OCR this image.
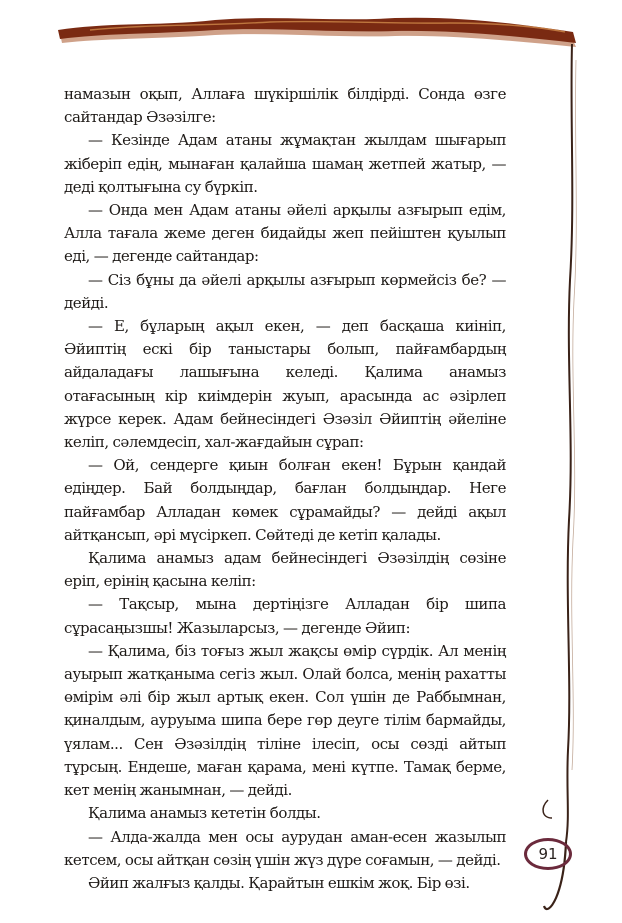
намазын оқып, Аллаға шүкіршілік білдірді. Сонда өзге сайтандар Әзәзілге:

— Кезінде Адам атаны жұмақтан жылдам шығарып жіберіп едің, мынаған қалайша шамаң жетпей жатыр, — деді қолтығына су бүркіп.

— Онда мен Адам атаны әйелі арқылы азғырып едім, Алла тағала жеме деген бидайды жеп пейіштен қуылып еді, — дегенде сайтандар:

— Сіз бұны да әйелі арқылы азғырып көрмейсіз бе? — дейді.

— Е, бұларың ақыл екен, — деп басқаша киініп, Әйиптің ескі бір таныстары болып, пайғамбардың айдаладағы лашығына келеді. Қалима анамыз отағасының кір киімдерін жуып, арасында ас әзірлеп жүрсе керек. Адам бейнесіндегі Әзәзіл Әйиптің әйеліне келіп, сәлемдесіп, хал-жағдайын сұрап:

— Ой, сендерге қиын болған екен! Бұрын қандай едіңдер. Бай болдыңдар, бағлан болдыңдар. Неге пайғамбар Алладан көмек сұрамайды? — дейді ақыл айтқансып, әрі мүсіркеп. Сөйтеді де кетіп қалады.

Қалима анамыз адам бейнесіндегі Әзәзілдің сөзіне еріп, ерінің қасына келіп:

— Тақсыр, мына дертіңізге Алладан бір шипа сұрасаңызшы! Жазыларсыз, — дегенде Әйип:

— Қалима, біз тоғыз жыл жақсы өмір сүрдік. Ал менің ауырып жатқаныма сегіз жыл. Олай болса, менің рахатты өмірім әлі бір жыл артық екен. Сол үшін де Раббымнан, қиналдым, ауруыма шипа бере гөр деуге тілім бармайды, үялам... Сен Әзәзілдің тіліне ілесіп, осы сөзді айтып тұрсың. Ендеше, маған қарама, мені күтпе. Тамақ берме, кет менің жанымнан, — дейді.

Қалима анамыз кететін болды.

— Алда-жалда мен осы аурудан аман-есен жазылып кетсем, осы айтқан сөзің үшін жүз дүре соғамын, — дейді.

Әйип жалғыз қалды. Қарайтын ешкім жоқ. Бір өзі.

91
